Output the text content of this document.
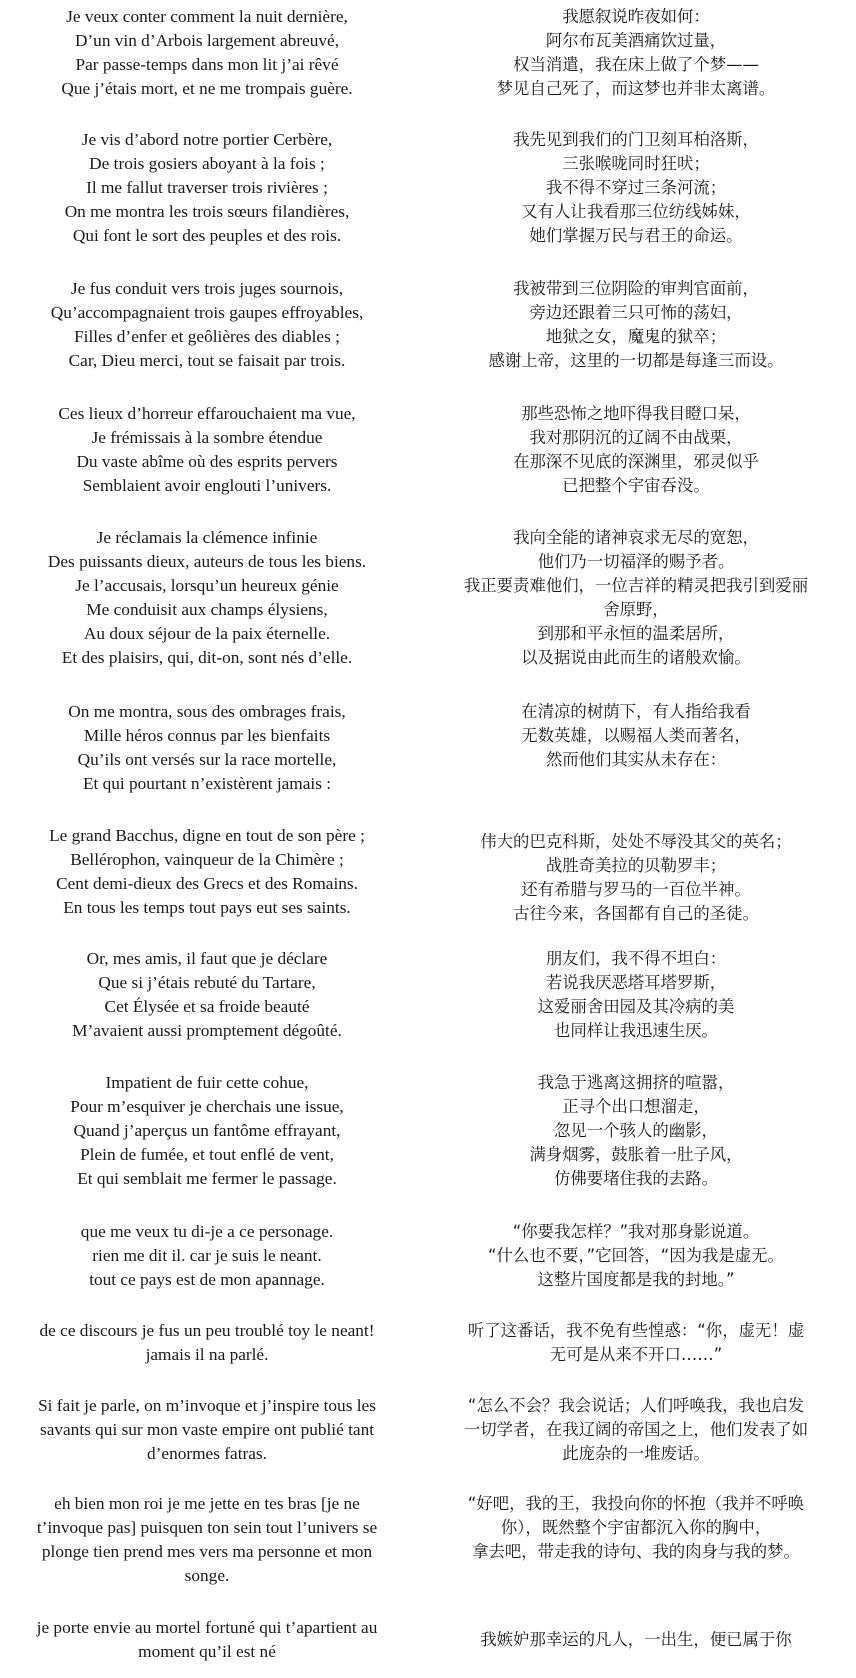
Je veux conter comment la nuit dernière,
D’un vin d’Arbois largement abreuvé,
Par passe-temps dans mon lit j’ai rêvé
Que j’étais mort, et ne me trompais guère.
我愿叙说昨夜如何：
阿尔布瓦美酒痛饮过量，
权当消遣，我在床上做了个梦——
梦见自己死了，而这梦也并非太离谱。
Je vis d’abord notre portier Cerbère,
De trois gosiers aboyant à la fois ;
Il me fallut traverser trois rivières ;
On me montra les trois sœurs filandières,
Qui font le sort des peuples et des rois.
我先见到我们的门卫刻耳柏洛斯，
三张喉咙同时狂吠；
我不得不穿过三条河流；
又有人让我看那三位纺线姊妹，
她们掌握万民与君王的命运。
Je fus conduit vers trois juges sournois,
Qu’accompagnaient trois gaupes effroyables,
Filles d’enfer et geôlières des diables ;
Car, Dieu merci, tout se faisait par trois.
我被带到三位阴险的审判官面前，
旁边还跟着三只可怖的荡妇，
地狱之女，魔鬼的狱卒；
感谢上帝，这里的一切都是每逢三而设。
Ces lieux d’horreur effarouchaient ma vue,
Je frémissais à la sombre étendue
Du vaste abîme où des esprits pervers
Semblaient avoir englouti l’univers.
那些恐怖之地吓得我目瞪口呆，
我对那阴沉的辽阔不由战栗，
在那深不见底的深渊里，邪灵似乎
已把整个宇宙吞没。
Je réclamais la clémence infinie
Des puissants dieux, auteurs de tous les biens.
Je l’accusais, lorsqu’un heureux génie
Me conduisit aux champs élysiens,
Au doux séjour de la paix éternelle.
Et des plaisirs, qui, dit-on, sont nés d’elle.
我向全能的诸神哀求无尽的宽恕，
他们乃一切福泽的赐予者。
我正要责难他们，一位吉祥的精灵把我引到爱丽
舍原野，
到那和平永恒的温柔居所，
以及据说由此而生的诸般欢愉。
On me montra, sous des ombrages frais,
Mille héros connus par les bienfaits
Qu’ils ont versés sur la race mortelle,
Et qui pourtant n’existèrent jamais :
在清凉的树荫下，有人指给我看
无数英雄，以赐福人类而著名，
然而他们其实从未存在：
Le grand Bacchus, digne en tout de son père ;
Bellérophon, vainqueur de la Chimère ;
Cent demi-dieux des Grecs et des Romains.
En tous les temps tout pays eut ses saints.
伟大的巴克科斯，处处不辱没其父的英名；
战胜奇美拉的贝勒罗丰；
还有希腊与罗马的一百位半神。
古往今来，各国都有自己的圣徒。
Or, mes amis, il faut que je déclare
Que si j’étais rebuté du Tartare,
Cet Élysée et sa froide beauté
M’avaient aussi promptement dégoûté.
朋友们，我不得不坦白：
若说我厌恶塔耳塔罗斯，
这爱丽舍田园及其冷病的美
也同样让我迅速生厌。
Impatient de fuir cette cohue,
Pour m’esquiver je cherchais une issue,
Quand j’aperçus un fantôme effrayant,
Plein de fumée, et tout enflé de vent,
Et qui semblait me fermer le passage.
我急于逃离这拥挤的喧嚣，
正寻个出口想溜走，
忽见一个骇人的幽影，
满身烟雾，鼓胀着一肚子风，
仿佛要堵住我的去路。
que me veux tu di-je a ce personage.
rien me dit il. car je suis le neant.
tout ce pays est de mon apannage.
“你要我怎样？”我对那身影说道。
“什么也不要，”它回答，“因为我是虚无。
这整片国度都是我的封地。”
de ce discours je fus un peu troublé toy le neant!
jamais il na parlé.
听了这番话，我不免有些惶惑：“你，虚无！虚
无可是从来不开口……”
Si fait je parle, on m’invoque et j’inspire tous les
savants qui sur mon vaste empire ont publié tant
d’enormes fatras.
“怎么不会？我会说话；人们呼唤我，我也启发
一切学者，在我辽阔的帝国之上，他们发表了如
此庞杂的一堆废话。
eh bien mon roi je me jette en tes bras [je ne
t’invoque pas] puisquen ton sein tout l’univers se
plonge tien prend mes vers ma personne et mon
songe.
“好吧，我的王，我投向你的怀抱（我并不呼唤
你），既然整个宇宙都沉入你的胸中，
拿去吧，带走我的诗句、我的肉身与我的梦。
je porte envie au mortel fortuné qui t’apartient au
moment qu’il est né
我嫉妒那幸运的凡人，一出生，便已属于你
